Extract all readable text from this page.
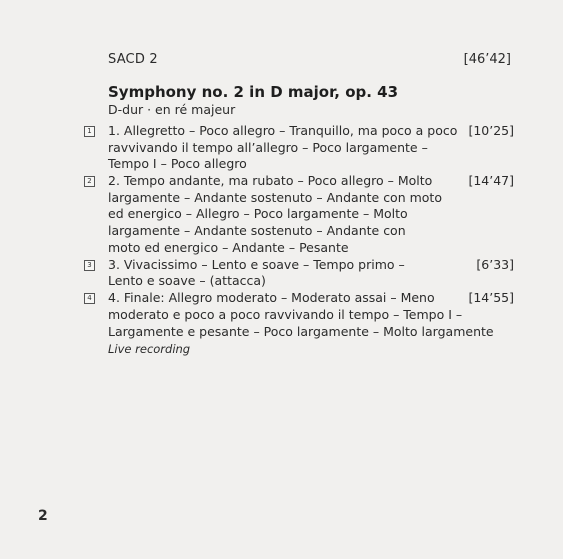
SACD 2	[46’42]
Symphony no. 2 in D major, op. 43
D-dur · en ré majeur
1 1. Allegretto – Poco allegro – Tranquillo, ma poco a poco
ravvivando il tempo all’allegro – Poco largamente –
Tempo I – Poco allegro
[10’25]
2 2. Tempo andante, ma rubato – Poco allegro – Molto
largamente – Andante sostenuto – Andante con moto
ed energico – Allegro – Poco largamente – Molto
largamente – Andante sostenuto – Andante con
moto ed energico – Andante – Pesante
[14’47]
3 3. Vivacissimo – Lento e soave – Tempo primo –
Lento e soave – (attacca)
[6’33]
4 4. Finale: Allegro moderato – Moderato assai – Meno
moderato e poco a poco ravvivando il tempo – Tempo I –
Largamente e pesante – Poco largamente – Molto largamente
[14’55]
Live recording
2
